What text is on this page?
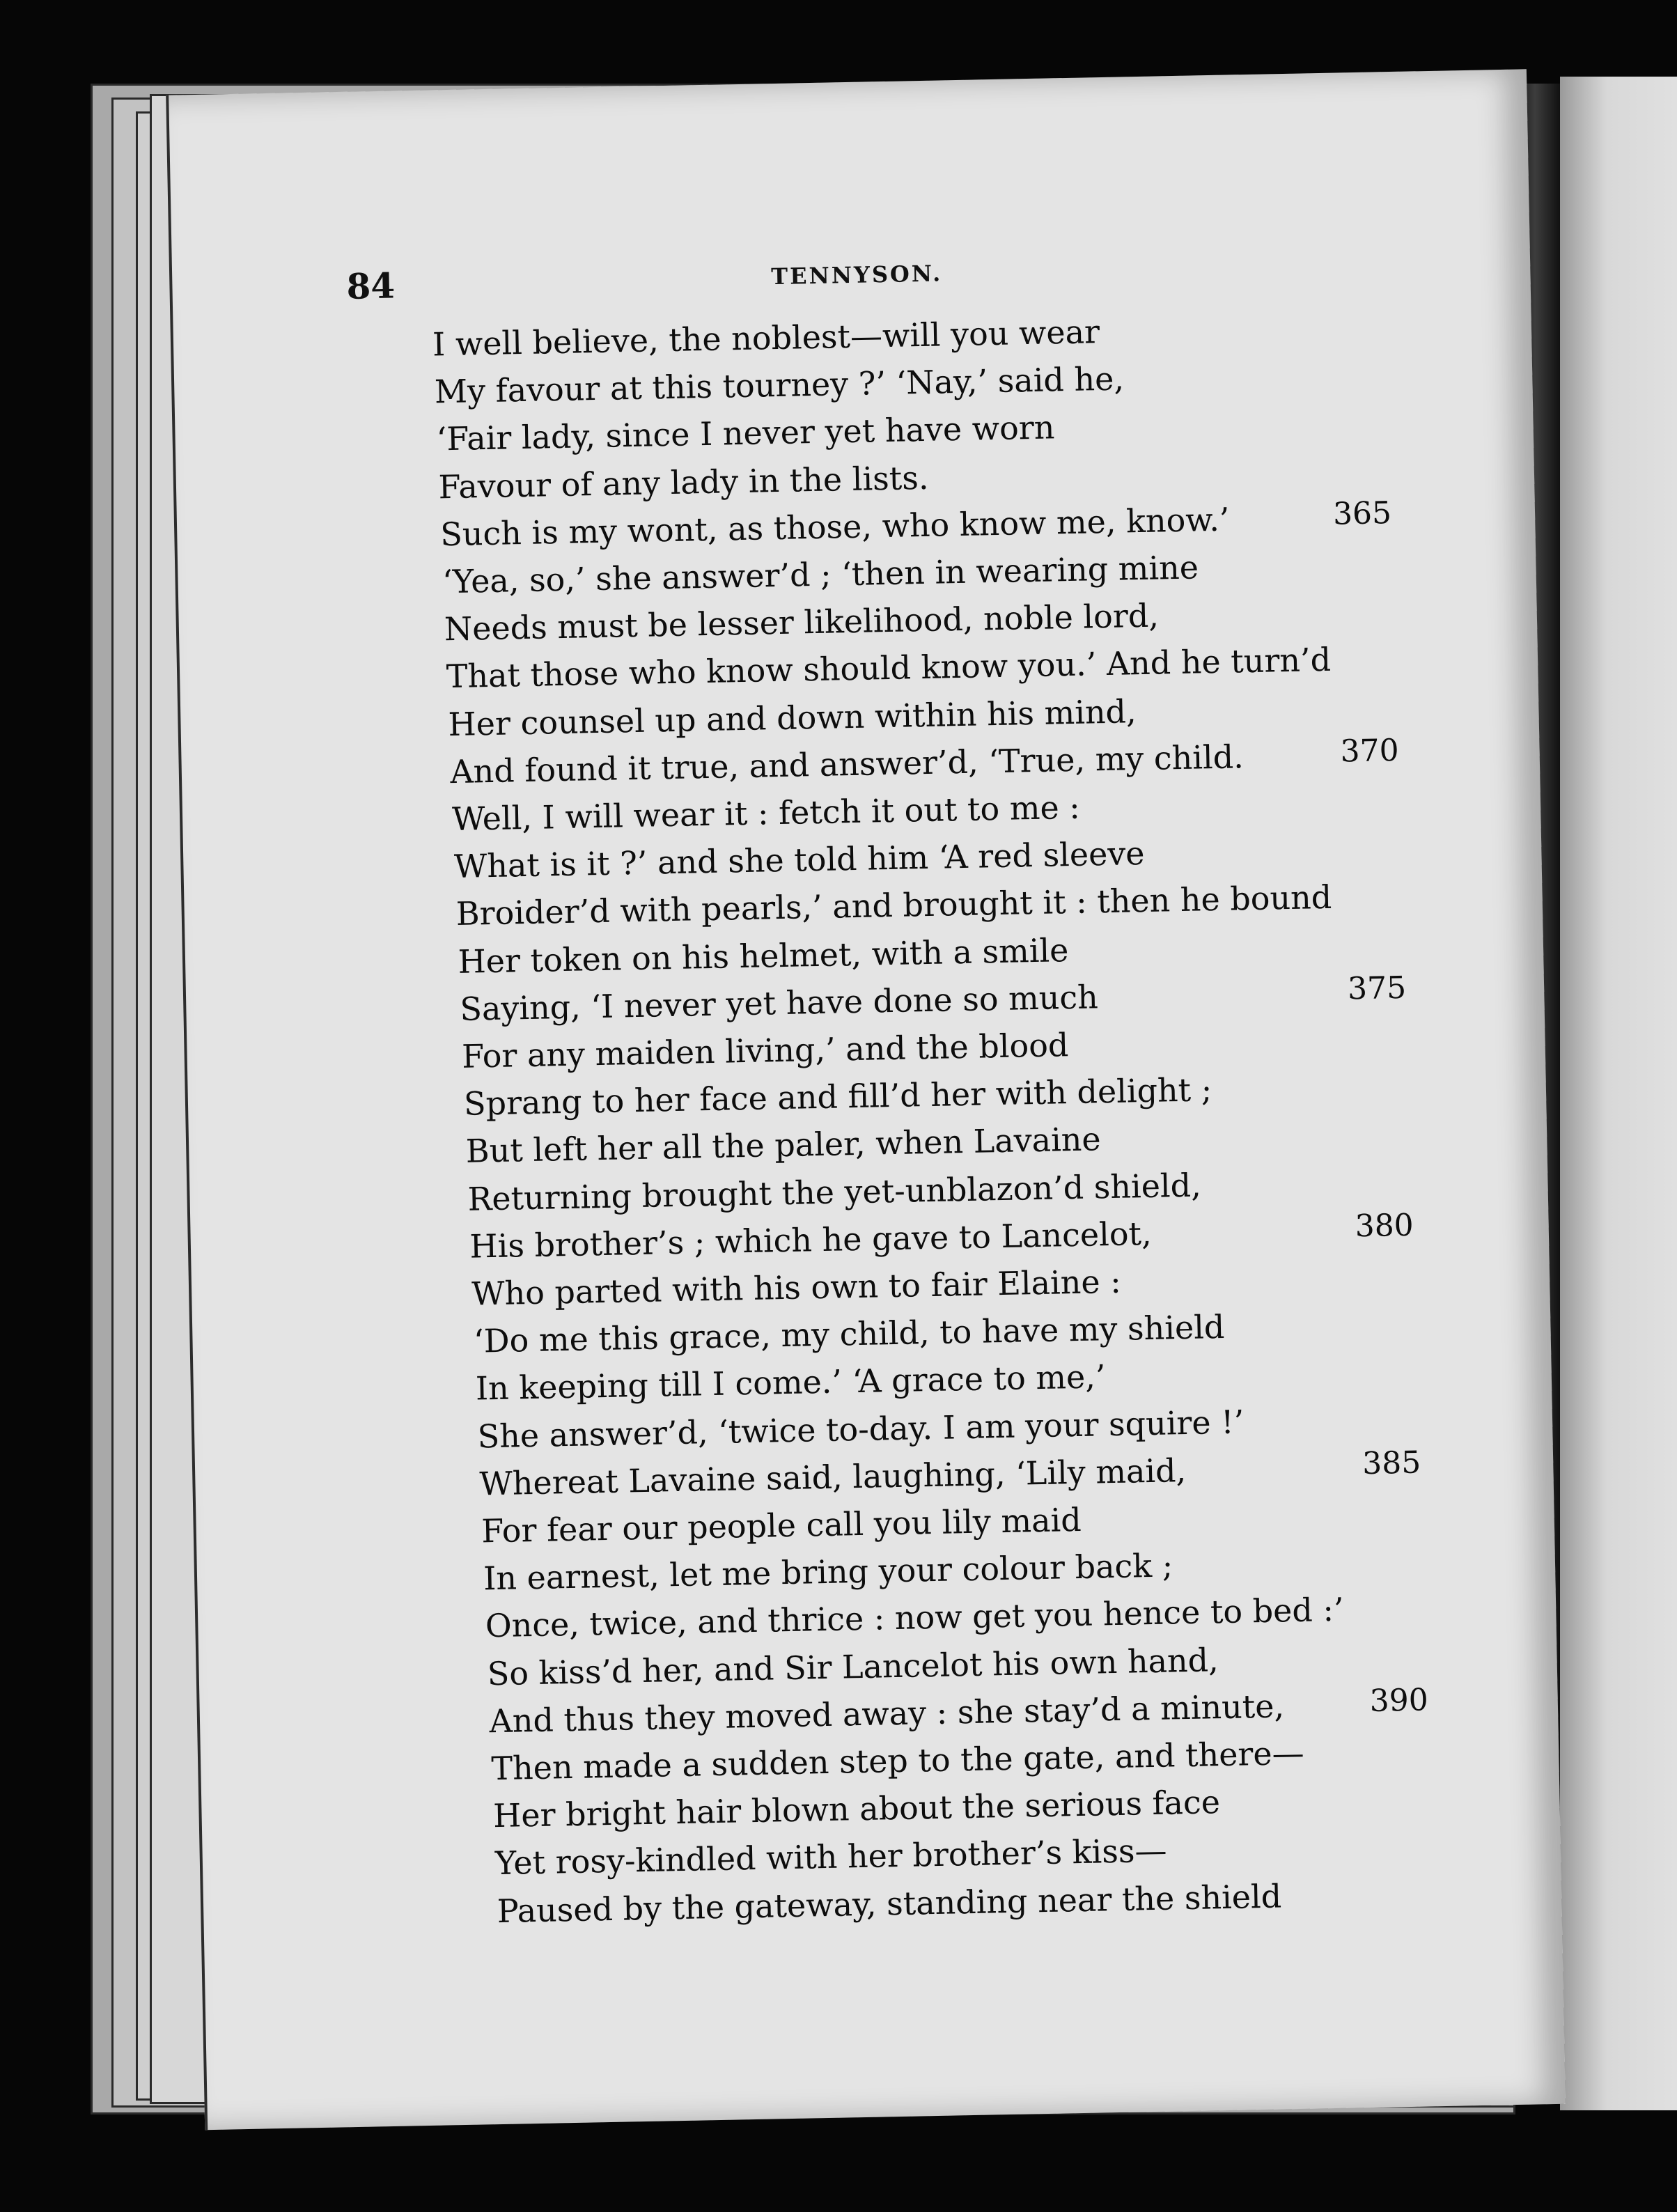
84	TENNYSON.
I well believe, the noblest—will you wear
My favour at this tourney ?’ ‘Nay,’ said he,
‘Fair lady, since I never yet have worn
Favour of any lady in the lists.
Such is my wont, as those, who know me, know.’
‘Yea, so,’ she answer’d ; ‘then in wearing mine
Needs must be lesser likelihood, noble lord,
That those who know should know you.’ And he turn’d
Her counsel up and down within his mind,
And found it true, and answer’d, ‘True, my child.
Well, I will wear it : fetch it out to me :
What is it ?’ and she told him ‘A red sleeve
Broider’d with pearls,’ and brought it : then he bound
Her token on his helmet, with a smile
Saying, ‘I never yet have done so much
For any maiden living,’ and the blood
Sprang to her face and fill’d her with delight ;
But left her all the paler, when Lavaine
Returning brought the yet-unblazon’d shield,
His brother’s ; which he gave to Lancelot,
Who parted with his own to fair Elaine :
‘Do me this grace, my child, to have my shield
In keeping till I come.’ ‘A grace to me,’
She answer’d, ‘twice to-day. I am your squire !’
Whereat Lavaine said, laughing, ‘Lily maid,
For fear our people call you lily maid
In earnest, let me bring your colour back ;
Once, twice, and thrice : now get you hence to bed :’
So kiss’d her, and Sir Lancelot his own hand,
And thus they moved away : she stay’d a minute,
Then made a sudden step to the gate, and there—
Her bright hair blown about the serious face
Yet rosy-kindled with her brother’s kiss—
Paused by the gateway, standing near the shield
365
370
375
380
385
390
